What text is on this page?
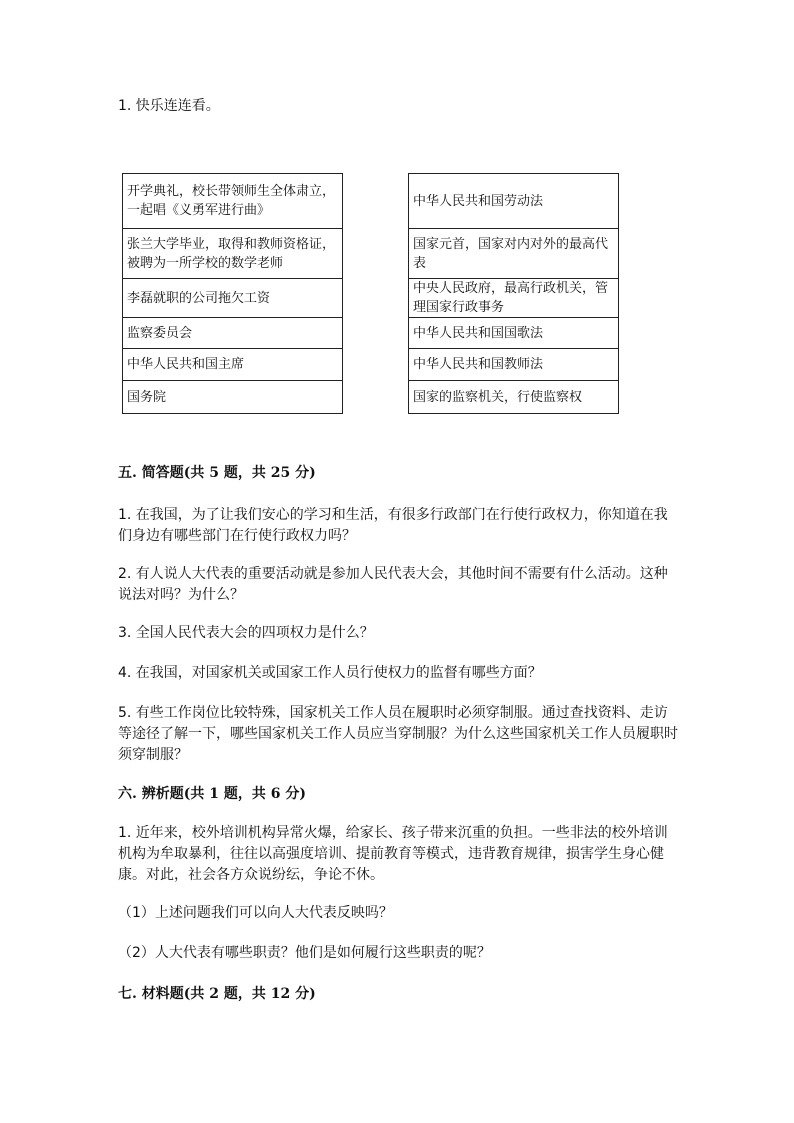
1. 快乐连连看。
开学典礼，校长带领师生全体肃立，一起唱《义勇军进行曲》
张兰大学毕业，取得和教师资格证，被聘为一所学校的数学老师
李磊就职的公司拖欠工资
监察委员会
中华人民共和国主席
国务院
中华人民共和国劳动法
国家元首，国家对内对外的最高代表
中央人民政府，最高行政机关，管理国家行政事务
中华人民共和国国歌法
中华人民共和国教师法
国家的监察机关，行使监察权
五. 简答题(共 5 题，共 25 分)
1. 在我国，为了让我们安心的学习和生活，有很多行政部门在行使行政权力，你知道在我们身边有哪些部门在行使行政权力吗？
2. 有人说人大代表的重要活动就是参加人民代表大会，其他时间不需要有什么活动。这种说法对吗？为什么？
3. 全国人民代表大会的四项权力是什么？
4. 在我国，对国家机关或国家工作人员行使权力的监督有哪些方面？
5. 有些工作岗位比较特殊，国家机关工作人员在履职时必须穿制服。通过查找资料、走访等途径了解一下，哪些国家机关工作人员应当穿制服？为什么这些国家机关工作人员履职时须穿制服？
六. 辨析题(共 1 题，共 6 分)
1. 近年来，校外培训机构异常火爆，给家长、孩子带来沉重的负担。一些非法的校外培训机构为牟取暴利，往往以高强度培训、提前教育等模式，违背教育规律，损害学生身心健康。对此，社会各方众说纷纭，争论不休。
（1）上述问题我们可以向人大代表反映吗？
（2）人大代表有哪些职责？他们是如何履行这些职责的呢？
七. 材料题(共 2 题，共 12 分)
